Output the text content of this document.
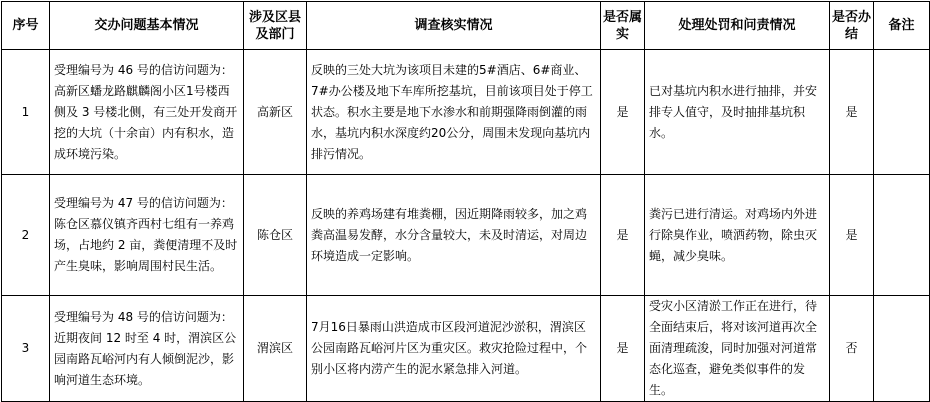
序号	交办问题基本情况	涉及区县及部门	调查核实情况	是否属实	处理处罚和问责情况	是否办结	备注
1	受理编号为 46 号的信访问题为：高新区蟠龙路麒麟阁小区1号楼西侧及 3 号楼北侧，有三处开发商开挖的大坑（十余亩）内有积水，造成环境污染。	高新区	反映的三处大坑为该项目未建的5#酒店、6#商业、7#办公楼及地下车库所挖基坑，目前该项目处于停工状态。积水主要是地下水渗水和前期强降雨倒灌的雨水，基坑内积水深度约20公分，周围未发现向基坑内排污情况。	是	已对基坑内积水进行抽排，并安排专人值守，及时抽排基坑积水。	是	
2	受理编号为 47 号的信访问题为：陈仓区慕仪镇齐西村七组有一养鸡场，占地约 2 亩，粪便清理不及时产生臭味，影响周围村民生活。	陈仓区	反映的养鸡场建有堆粪棚，因近期降雨较多，加之鸡粪高温易发酵，水分含量较大，未及时清运，对周边环境造成一定影响。	是	粪污已进行清运。对鸡场内外进行除臭作业，喷洒药物，除虫灭蝇，减少臭味。	是	
3	受理编号为 48 号的信访问题为：近期夜间 12 时至 4 时，渭滨区公园南路瓦峪河内有人倾倒泥沙，影响河道生态环境。	渭滨区	7月16日暴雨山洪造成市区段河道泥沙淤积，渭滨区公园南路瓦峪河片区为重灾区。救灾抢险过程中，个别小区将内涝产生的泥水紧急排入河道。	是	受灾小区清淤工作正在进行，待全面结束后，将对该河道再次全面清理疏浚，同时加强对河道常态化巡查，避免类似事件的发生。	否	
